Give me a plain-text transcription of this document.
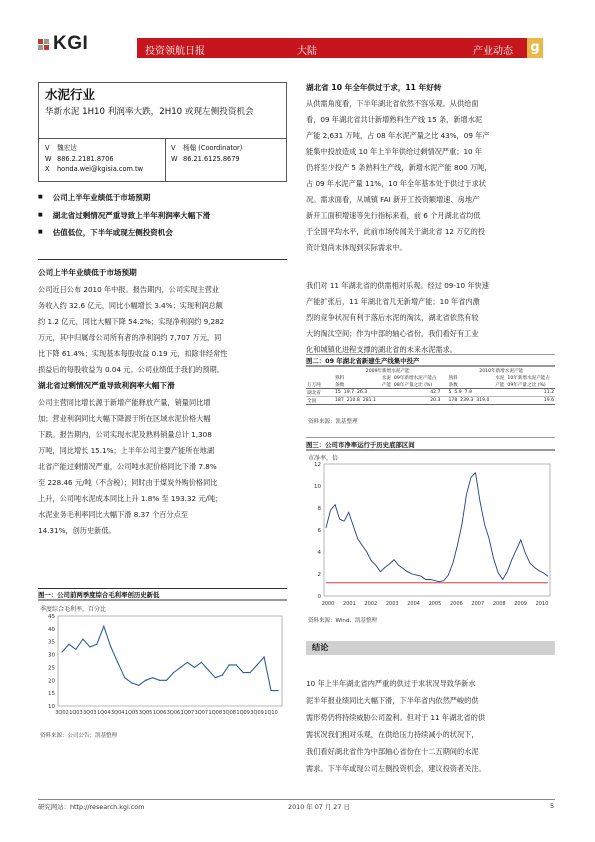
KGI	投资领航日报	大陆	产业动态 g
水泥行业
华新水泥 1H10 利润率大跌，2H10 或现左侧投资机会
V 魏宏达
W 886.2.2181.8706
X honda.wei@kgisia.com.tw
V 杨翰 (Coordinator)
W 86.21.6125.8679
■ 公司上半年业绩低于市场预期
■ 湖北省过剩情况严重导致上半年利润率大幅下滑
■ 估值低位，下半年或现左侧投资机会
公司上半年业绩低于市场预期
公司近日公布 2010 年中报。报告期内，公司实现主营业
务收入约 32.6 亿元，同比小幅增长 3.4%；实现利润总额
约 1.2 亿元，同比大幅下降 54.2%；实现净利润约 9,282
万元，其中归属母公司所有者的净利润约 7,707 万元，同
比下降 61.4%；实现基本每股收益 0.19 元，扣除非经常性
损益后的每股收益为 0.04 元。公司业绩低于我们的预期。
湖北省过剩情况严重导致利润率大幅下滑
公司主营同比增长源于新增产能释放产量，销量同比增
加；营业利润同比大幅下降源于所在区域水泥价格大幅
下跌。报告期内，公司实现水泥及熟料销量总计 1,308
万吨，同比增长 15.1%；上半年公司主要产能所在地湖
北省产能过剩情况严重，公司吨水泥价格同比下滑 7.8%
至 228.46 元/吨（不含税）；同时由于煤炭外购价格同比
上升，公司吨水泥成本同比上升 1.8% 至 193.32 元/吨；
水泥业务毛利率同比大幅下滑 8.37 个百分点至
14.31%，创历史新低。
图一：公司前两季度综合毛利率创历史新低
季度综合毛利率，百分比
10
15
20
25
30
35
40
45
3Q02 1Q03 3Q03 1Q04 3Q04 1Q05 3Q05 1Q06 3Q06 1Q07 3Q07 1Q08 3Q08 1Q09 3Q09 1Q10
资料来源：公司公告；凯基整理
湖北省 10 年全年供过于求，11 年好转
从供需角度看，下半年湖北省依然不容乐观。从供给面
看，09 年湖北省共计新增熟料生产线 15 条，新增水泥
产能 2,631 万吨，占 08 年水泥产量之比 43%，09 年产
能集中投放造成 10 年上半年供给过剩情况严重；10 年
仍将至少投产 5 条熟料生产线，新增水泥产能 800 万吨，
占 09 年水泥产量 11%，10 年全年基本处于供过于求状
况。需求面看，从城镇 FAI 新开工投资额增速、房地产
新开工面积增速等先行指标来看，前 6 个月湖北省均低
于全国平均水平，此前市场传闻关于湖北省 12 万亿的投
资计划尚未体现到实际需求中。
我们对 11 年湖北省的供需相对乐观。经过 09-10 年快速
产能扩张后，11 年湖北省几无新增产能；10 年省内激
烈的竞争状况有利于落后水泥的淘汰，湖北省依然有较
大的淘汰空间；作为中部的轴心省份，我们看好有工业
化和城镇化进程支撑的湖北省的未来水泥需求。
图二：09 年湖北省新建生产线集中投产
	2009年新增水泥产能				2010年新增水泥产能		
	熟料	水泥	09年新增水泥产能占		熟料	水泥	10年新增水泥产能占
万万吨	条数	产能	08年产量之比 (%)		条数	产能	09年产量之比 (%)
湖北省	15 19.7 26.3		42.7		5 5.9 7.9		11.2
全国	187 210.8 281.1		20.3		178 239.3 319.0		19.6
资料来源：凯基整理
图三：公司市净率运行于历史底部区间
市净率，倍
0
2
4
6
8
10
12
2000 2001 2002 2003 2004 2005 2006 2007 2008 2009 2010
资料来源：Wind；凯基整理
结论
10 年上半年湖北省内严重的供过于求状况导致华新水
泥半年报业绩同比大幅下滑，下半年省内依然严峻的供
需形势仍将持续威胁公司盈利。但对于 11 年湖北省的供
需状况我们相对乐观，在供给压力持续减小的状况下，
我们看好湖北省作为中部轴心省份在十二五期间的水泥
需求。下半年或现公司左侧投资机会，建议投资者关注。
研究网站：http://research.kgi.com	2010 年 07 月 27 日	5
